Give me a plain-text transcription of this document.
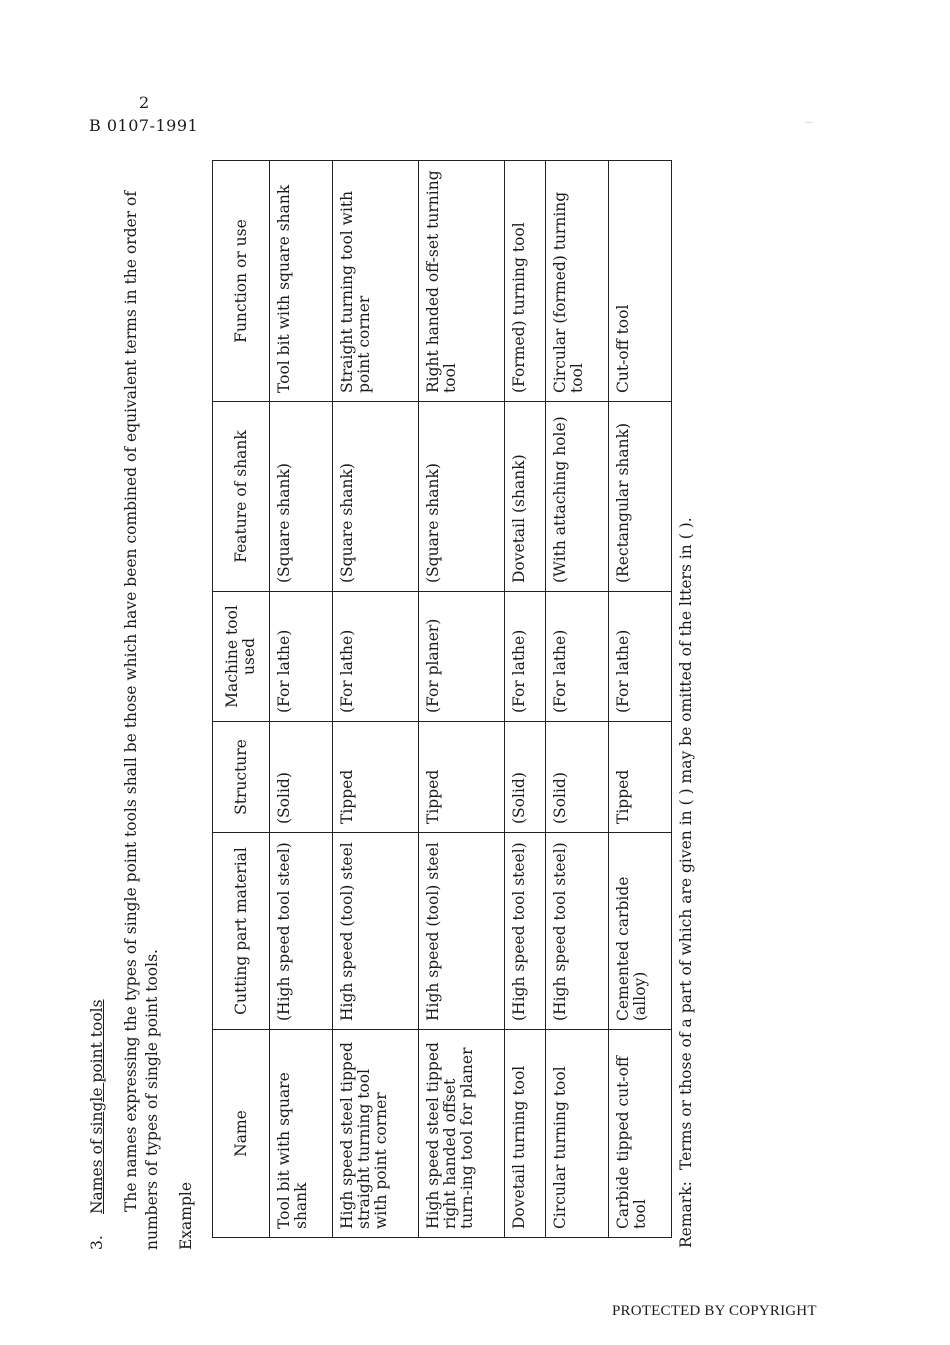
2
B 0107-1991
3.Names of single point tools The names expressing the types of single point tools shall be those which have been combined of equivalent terms in the order of numbers of types of single point tools. Example
Name	Cutting part material	Structure	Machine tool used	Feature of shank	Function or use
Tool bit with square shank	(High speed tool steel)	(Solid)	(For lathe)	(Square shank)	Tool bit with square shank
High speed steel tipped straight turning tool with point corner	High speed (tool) steel	Tipped	(For lathe)	(Square shank)	Straight turning tool with point corner
High speed steel tipped right handed offset turn-ing tool for planer	High speed (tool) steel	Tipped	(For planer)	(Square shank)	Right handed off-set turning tool
Dovetail turning tool	(High speed tool steel)	(Solid)	(For lathe)	Dovetail (shank)	(Formed) turning tool
Circular turning tool	(High speed tool steel)	(Solid)	(For lathe)	(With attaching hole)	Circular (formed) turning tool
Carbide tipped cut-off tool	Cemented carbide (alloy)	Tipped	(For lathe)	(Rectangular shank)	Cut-off tool
Remark:Terms or those of a part of which are given in ( ) may be omitted of the ltters in ( ).
PROTECTED BY COPYRIGHT
